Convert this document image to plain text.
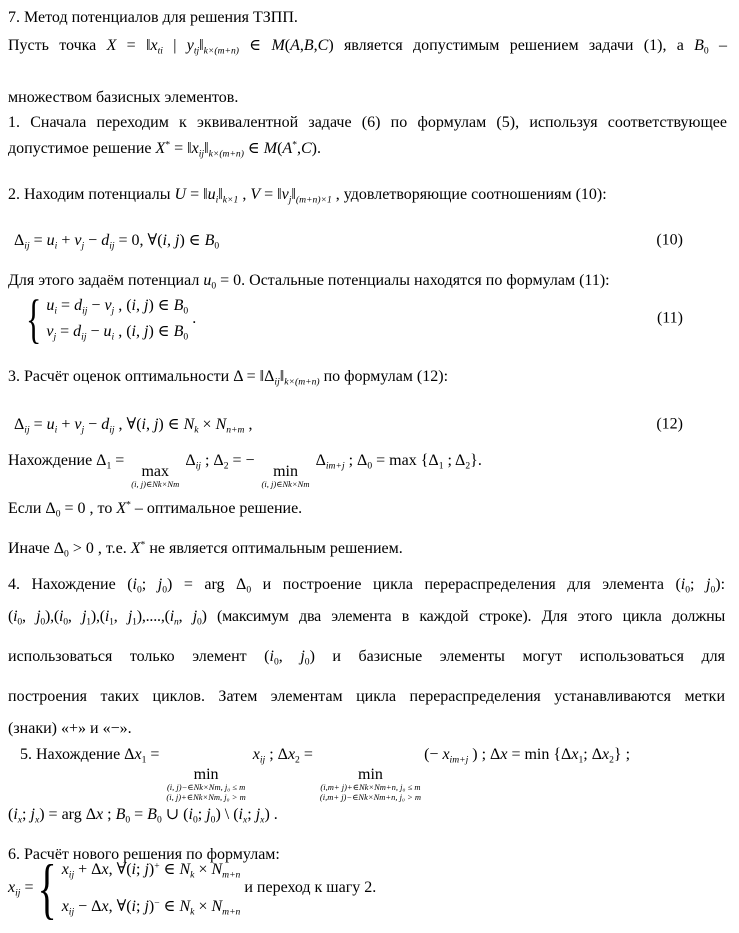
7. Метод потенциалов для решения ТЗПП.
Пусть точка $X = ‖x_{ti}$ | $y_{tj}‖_{k\times(m+n)}$ ∈ M(A,B,C) является допустимым решением задачи (1), а $B_0$ –
множеством базисных элементов.
1. Сначала переходим к эквивалентной задаче (6) по формулам (5), используя соответствующее
допустимое решение $X^* = ‖x_{ij}‖_{k\times(m+n)}$ ∈ M(A*,C).
2. Находим потенциалы $U = ‖u_i‖_{k\times 1}$ , $V = ‖v_j‖_{(m+n)\times 1}$ , удовлетворяющие соотношениям (10):
$\Delta_{ij} = u_i + v_j - d_{ij} = 0$, ∀(i, j) ∈ $B_0$	(10)
Для этого задаём потенциал $u_0 = 0$. Остальные потенциалы находятся по формулам (11):
{ $u_i = d_{ij} - v_j$ , (i, j) ∈ $B_0$
$v_j = d_{ij} - u_i$ , (i, j) ∈ $B_0$
.	(11)
3. Расчёт оценок оптимальности $\Delta = ‖\Delta_{ij}‖_{k\times(m+n)}$ по формулам (12):
$\Delta_{ij} = u_i + v_j - d_{ij}$ , ∀(i, j) ∈ $N_k \times N_{n+m}$ ,	(12)
Нахождение $\Delta_1$ =
max
(i, j)∈Nk×Nm
$\Delta_{ij}$ ; $\Delta_2$ = −
min
(i, j)∈Nk×Nm
$\Delta_{im+j}$ ; $\Delta_0 = \max \{\Delta_1$ ; $\Delta_2$}.
Если $\Delta_0 = 0$ , то X* – оптимальное решение.
Иначе $\Delta_0 > 0$ , т.е. X* не является оптимальным решением.
4. Нахождение ($i_0$; $j_0$) = arg $\Delta_0$ и построение цикла перераспределения для элемента ($i_0$; $j_0$):
($i_0$, $j_0),(i_0$, $j_1),(i_1$, $j_1),....,(i_n$, $j_0$) (максимум два элемента в каждой строке). Для этого цикла должны
использоваться только элемент ($i_0$, $j_0$) и базисные элементы могут использоваться для
построения таких циклов. Затем элементам цикла перераспределения устанавливаются метки
(знаки) «+» и «−».
5. Нахождение $\Delta x_1$ =
min
(i, j)−∈Nk×Nm, j₀ ≤ m
(i, j)+∈Nk×Nm, j₀ > m
$x_{ij}$ ; $\Delta x_2$ =
min
(i,m+ j)+∈Nk×Nm+n, j₀ ≤ m
(i,m+ j)−∈Nk×Nm+n, j₀ > m
(− $x_{im+j}$ ) ; $\Delta x = \min \{\Delta x_1$; $\Delta x_2$} ;
($i_x$; $j_x$) = arg Δx ; $B_0 = B_0$ ∪ ($i_0$; $j_0$) \ ($i_x$; $j_x$) .
6. Расчёт нового решения по формулам:
$x_{ij}$ = { $x_{ij} + \Delta x$, ∀(i; j)+ ∈ $N_k \times N_{m+n}$
$x_{ij} - \Delta x$, ∀(i; j)− ∈ $N_k \times N_{m+n}$
и переход к шагу 2.
